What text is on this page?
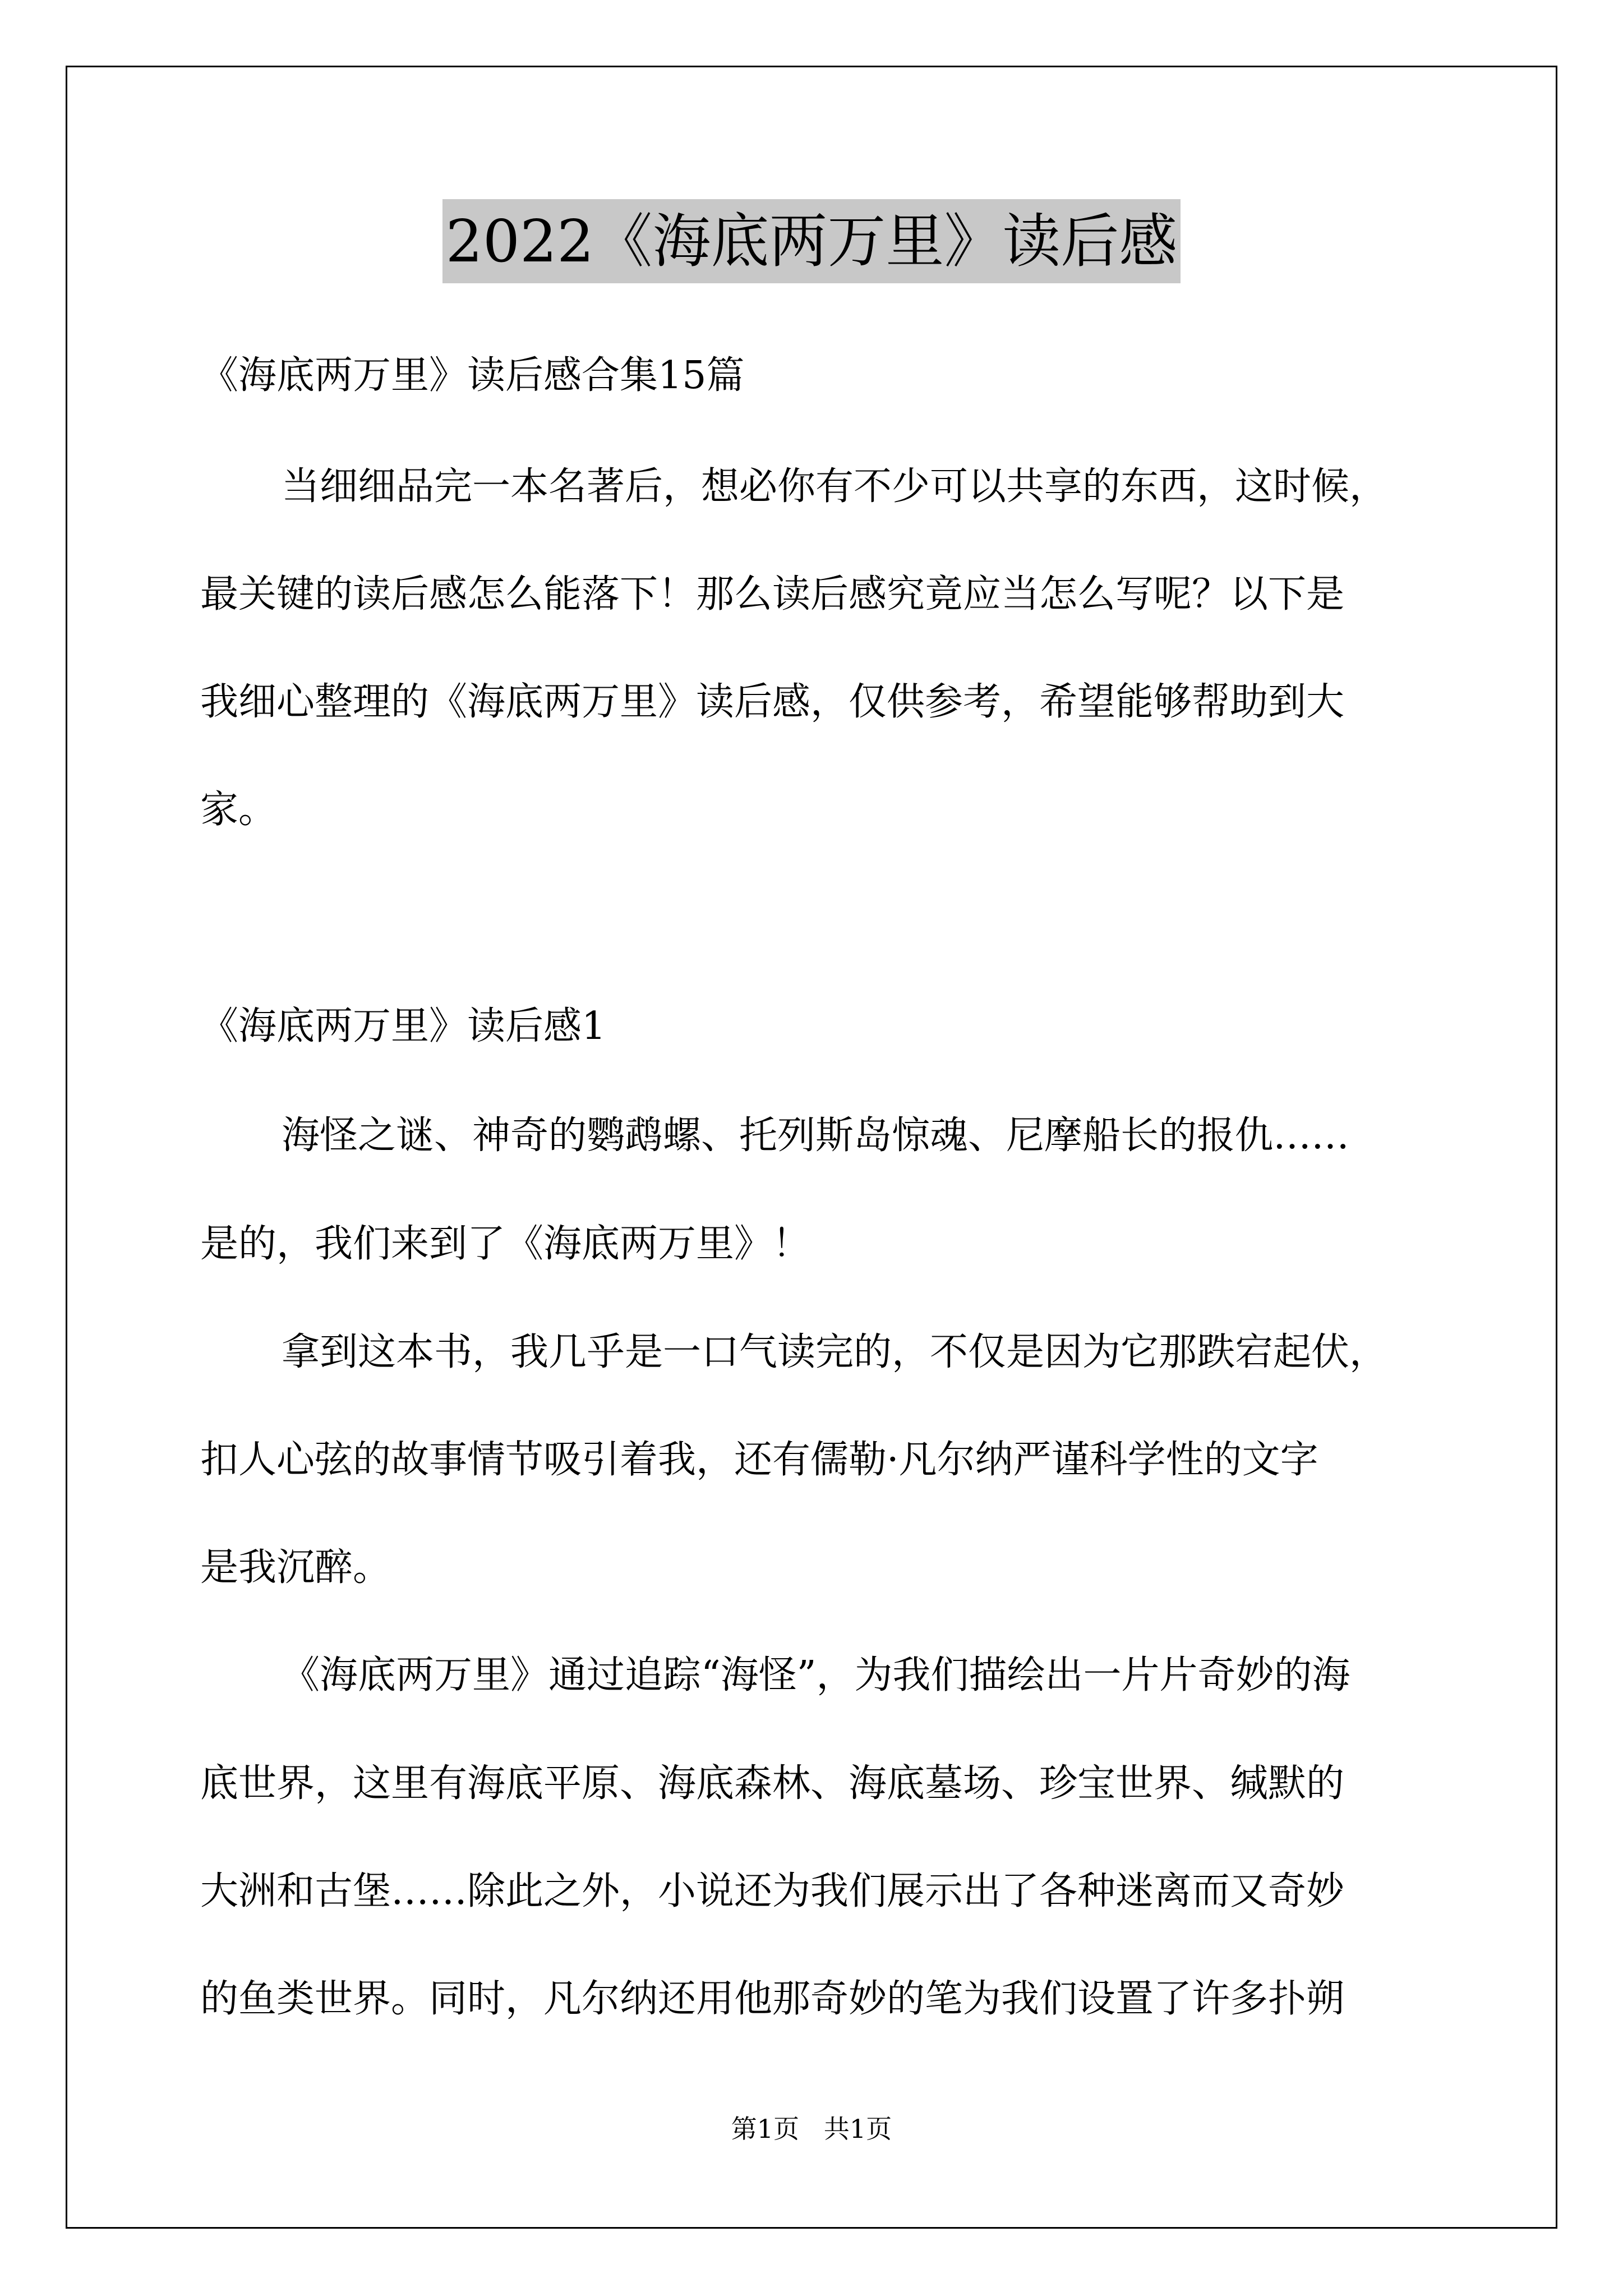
2022《海底两万里》读后感
《海底两万里》读后感合集15篇
当细细品完一本名著后，想必你有不少可以共享的东西，这时候，
最关键的读后感怎么能落下！那么读后感究竟应当怎么写呢？以下是
我细心整理的《海底两万里》读后感，仅供参考，希望能够帮助到大
家。
《海底两万里》读后感1
海怪之谜、神奇的鹦鹉螺、托列斯岛惊魂、尼摩船长的报仇……
是的，我们来到了《海底两万里》！
拿到这本书，我几乎是一口气读完的，不仅是因为它那跌宕起伏，
扣人心弦的故事情节吸引着我，还有儒勒·凡尔纳严谨科学性的文字
是我沉醉。
《海底两万里》通过追踪“海怪”，为我们描绘出一片片奇妙的海
底世界，这里有海底平原、海底森林、海底墓场、珍宝世界、缄默的
大洲和古堡……除此之外，小说还为我们展示出了各种迷离而又奇妙
的鱼类世界。同时，凡尔纳还用他那奇妙的笔为我们设置了许多扑朔
第1页   共1页
